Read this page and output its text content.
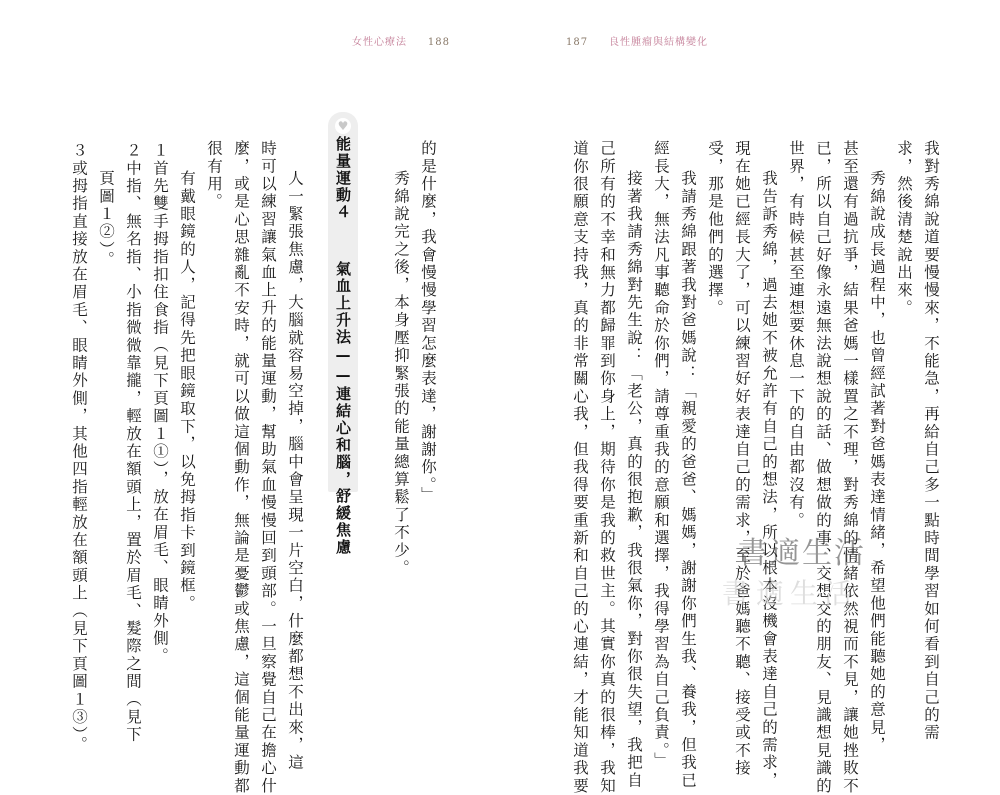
女性心療法 188	187 良性腫瘤與結構變化
我對秀綿說道要慢慢來，不能急，再給自己多一點時間學習如何看到自己的需
求，然後清楚說出來。
秀綿說成長過程中，也曾經試著對爸媽表達情緒，希望他們能聽她的意見，
甚至還有過抗爭，結果爸媽一樣置之不理，對秀綿的情緒依然視而不見，讓她挫敗不
已，所以自己好像永遠無法說想說的話、做想做的事、交想交的朋友、見識想見識的
世界，有時候甚至連想要休息一下的自由都沒有。
我告訴秀綿，過去她不被允許有自己的想法，所以根本沒機會表達自己的需求，
現在她已經長大了，可以練習好好表達自己的需求，至於爸媽聽不聽、接受或不接
受，那是他們的選擇。
我請秀綿跟著我對爸媽說：「親愛的爸爸、媽媽，謝謝你們生我、養我，但我已
經長大，無法凡事聽命於你們，請尊重我的意願和選擇，我得學習為自己負責。」
接著我請秀綿對先生說：「老公，真的很抱歉，我很氣你，對你很失望，我把自
己所有的不幸和無力都歸罪到你身上，期待你是我的救世主。其實你真的很棒，我知
道你很願意支持我，真的非常關心我，但我得要重新和自己的心連結，才能知道我要
的是什麼，我會慢慢學習怎麼表達，謝謝你。」
秀綿說完之後，本身壓抑緊張的能量總算鬆了不少。
♥
能量運動４  氣血上升法——連結心和腦，舒緩焦慮
人一緊張焦慮，大腦就容易空掉，腦中會呈現一片空白，什麼都想不出來，這
時可以練習讓氣血上升的能量運動，幫助氣血慢慢回到頭部。一旦察覺自己在擔心什
麼，或是心思雜亂不安時，就可以做這個動作，無論是憂鬱或焦慮，這個能量運動都
很有用。
有戴眼鏡的人，記得先把眼鏡取下，以免拇指卡到鏡框。
１首先雙手拇指扣住食指（見下頁圖１①），放在眉毛、眼睛外側。
２中指、無名指、小指微微靠攏，輕放在額頭上，置於眉毛、髮際之間（見下
頁圖１②）。
３或拇指直接放在眉毛、眼睛外側，其他四指輕放在額頭上（見下頁圖１③）。	書適生活
書適生活
